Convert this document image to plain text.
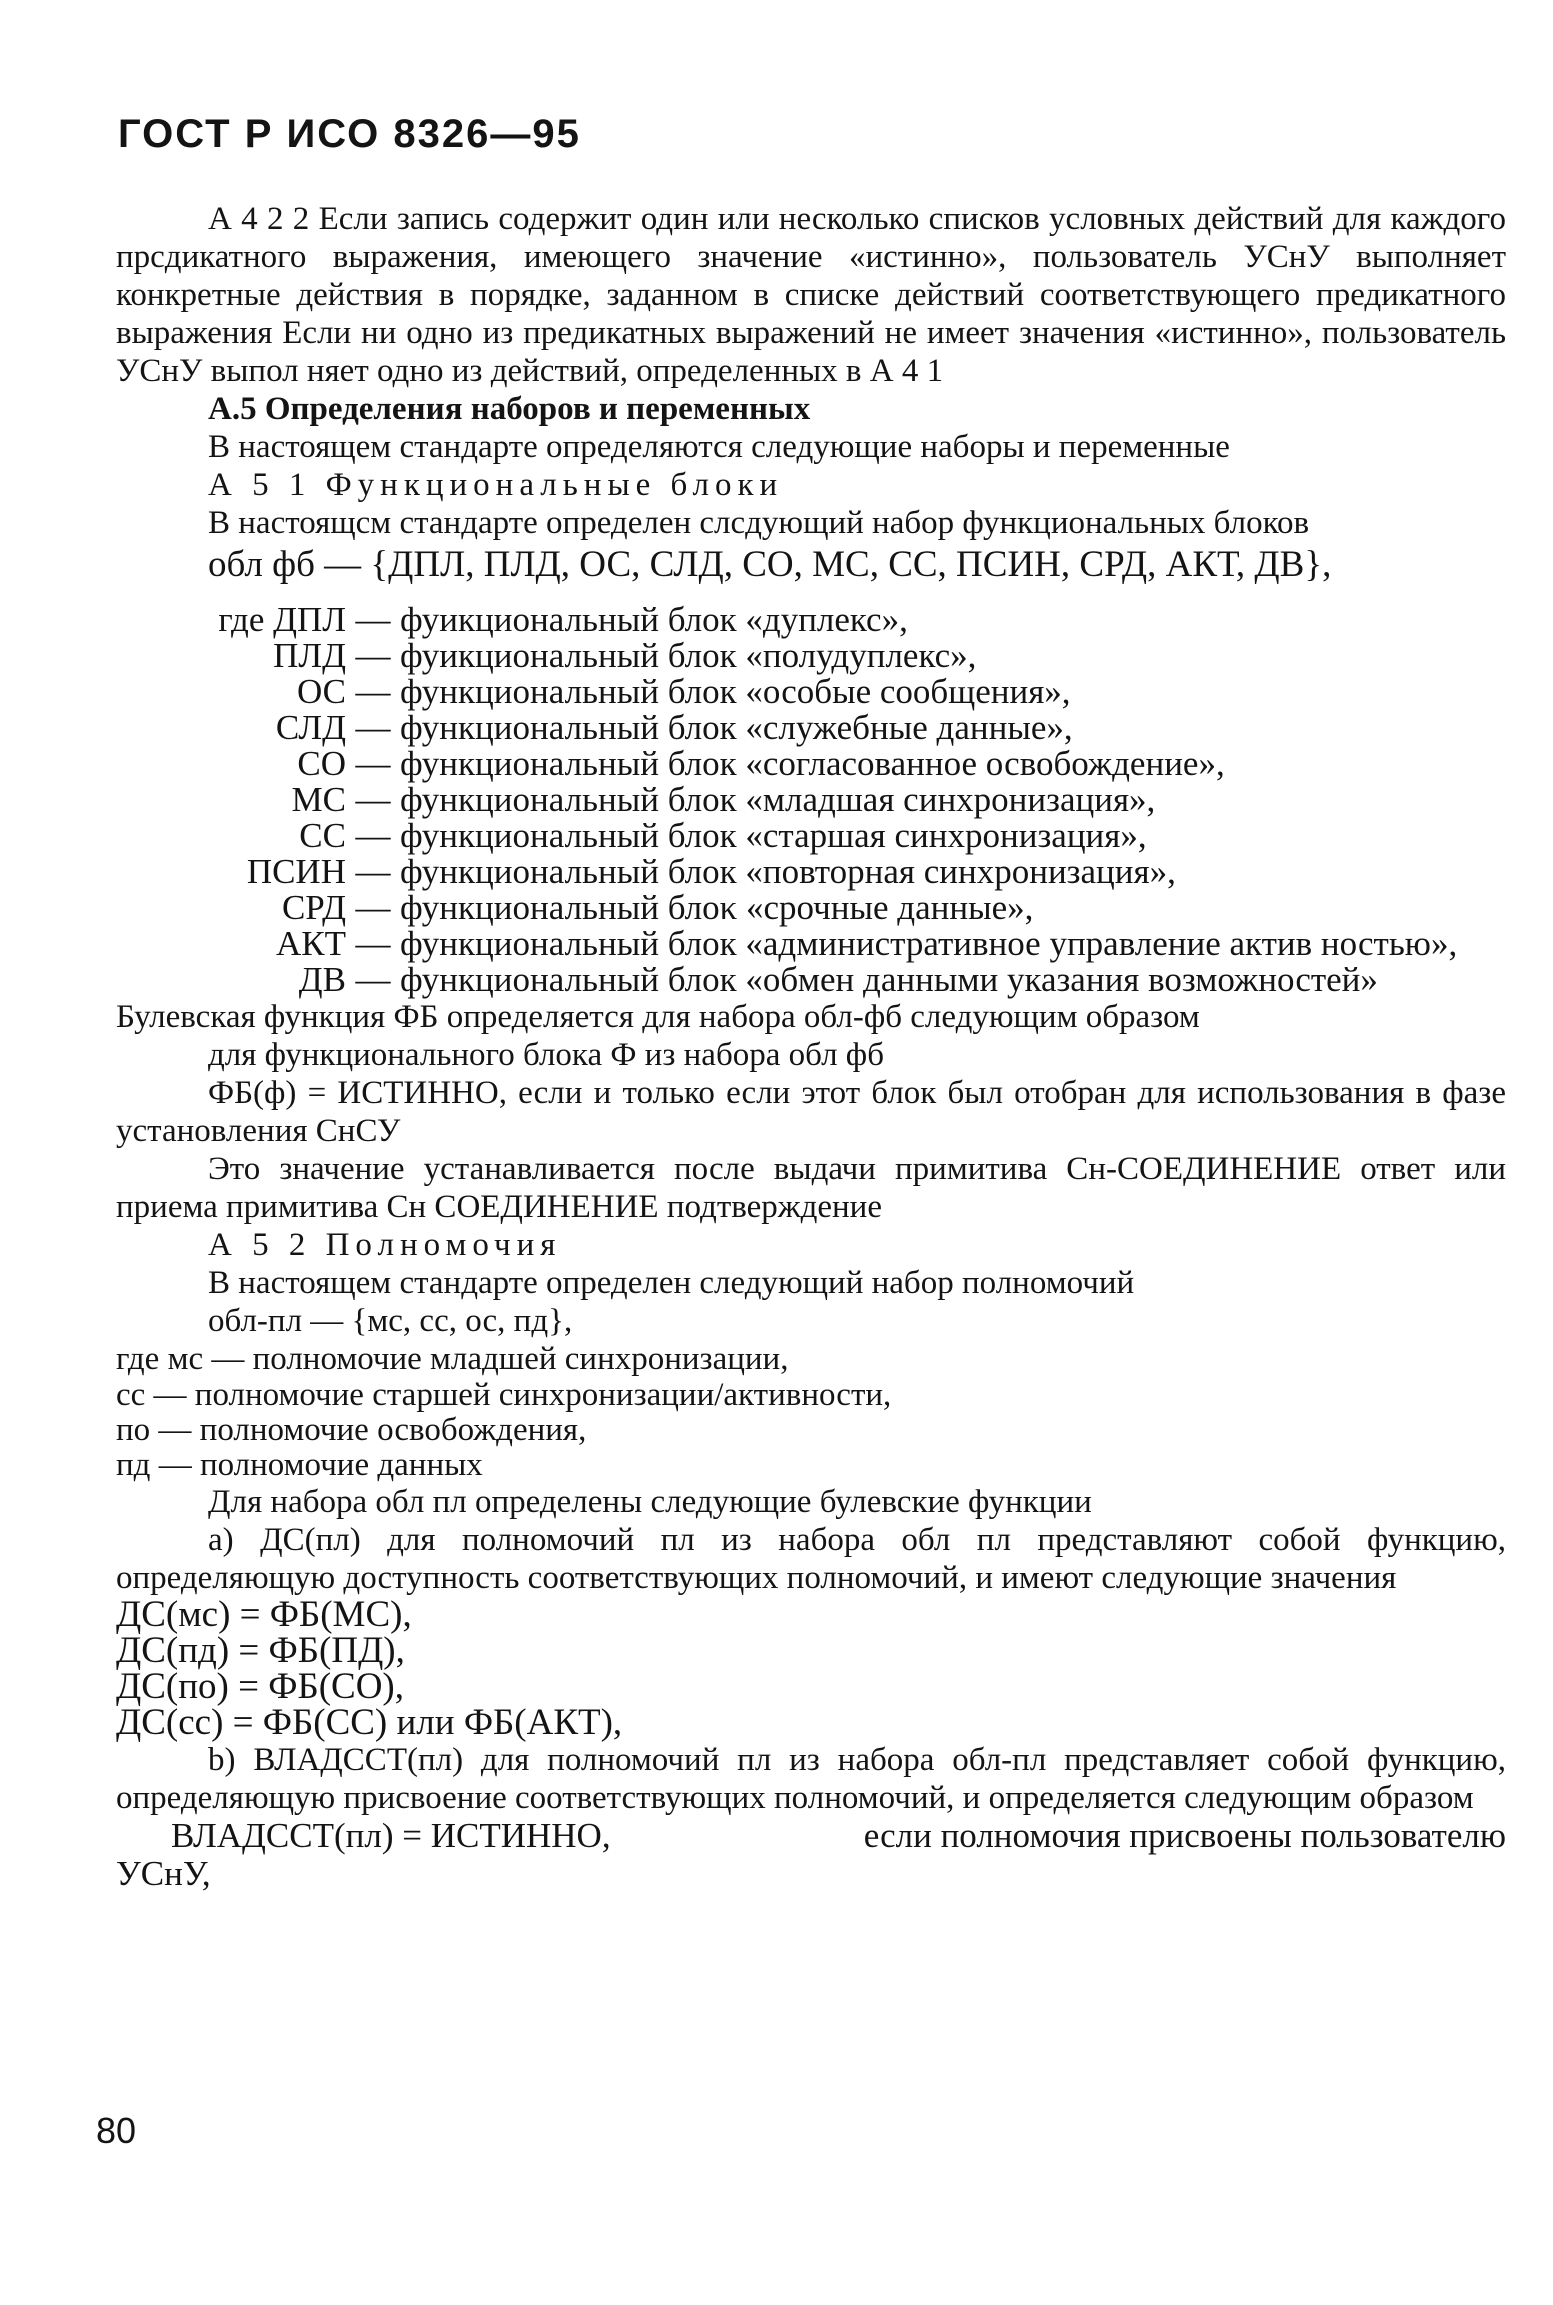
ГОСТ Р ИСО 8326—95

А 4 2 2 Если запись содержит один или несколько списков условных действий для каждого прсдикатного выражения, имеющего значение «истинно», пользователь УСнУ выполняет конкретные действия в порядке, заданном в списке действий соответствующего предикатного выражения Если ни одно из предикатных выражений не имеет значения «истинно», пользователь УСнУ выпол няет одно из действий, определенных в А 4 1

А.5 Определения наборов и переменных

В настоящем стандарте определяются следующие наборы и переменные

А 5 1 Функциональные блоки

В настоящсм стандарте определен слсдующий набор функциональных блоков

обл фб — {ДПЛ, ПЛД, ОС, СЛД, СО, МС, СС, ПСИН, СРД, АКТ, ДВ},

где ДПЛ — фуикциональный блок «дуплекс»,
ПЛД — фуикциональный блок «полудуплекс»,
ОС — функциональный блок «особые сообщения»,
СЛД — функциональный блок «служебные данные»,
СО — функциональный блок «согласованное освобождение»,
МС — функциональный блок «младшая синхронизация»,
СС — функциональный блок «старшая синхронизация»,
ПСИН — функциональный блок «повторная синхронизация»,
СРД — функциональный блоκ «срочные данные»,
АКТ — функциональный блок «административное управление актив ностью»,
ДВ — функциональный блок «обмен данными указания возможностей»

Булевская функция ФБ определяется для набора обл-фб следующим образом

для функционального блока Ф из набора обл фб

ФБ(ф) = ИСТИННО, если и только если этот блок был отобран для использования в фазе установления СнСУ

Это значение устанавливается после выдачи примитива Сн-СОЕДИНЕНИЕ ответ или приема примитива Сн СОЕДИНЕНИЕ подтверждение

А 5 2 Полномочия

В настоящем стандарте определен следующий набор полномочий

обл-пл — {мс, сс, ос, пд},

где мс — полномочие младшей синхронизации,

сс — полномочие старшей синхронизации/активности,

по — полномочие освобождения,

пд — полномочие данных

Для набора обл пл определены следующие булевские функции

а) ДС(пл) для полномочий пл из набора обл пл представляют собой функцию, определяющую доступность соответствующих полномочий, и имеют следующие значения

ДС(мс) = ФБ(МС),

ДС(пд) = ФБ(ПД),

ДС(по) = ФБ(СО),

ДС(сс) = ФБ(СС) или ФБ(АКТ),

b) ВЛАДССТ(пл) для полномочий пл из набора обл-пл представляет собой функцию, определяющую присвоение соответствующих полномочий, и определяется следующим образом

ВЛАДССТ(пл) = ИСТИННО,	если полномочия присвоены пользователю

УСнУ,

80
